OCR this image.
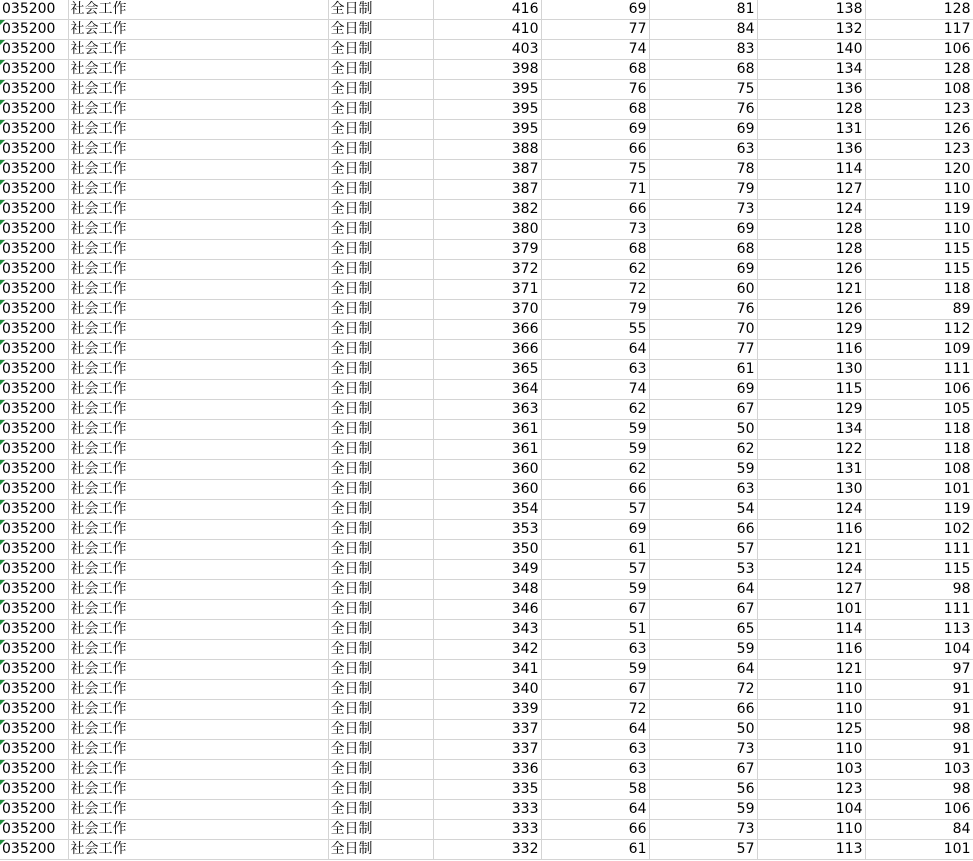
035200	社会工作	全日制	416	69	81	138	128

035200	社会工作	全日制	410	77	84	132	117

035200	社会工作	全日制	403	74	83	140	106

035200	社会工作	全日制	398	68	68	134	128

035200	社会工作	全日制	395	76	75	136	108

035200	社会工作	全日制	395	68	76	128	123

035200	社会工作	全日制	395	69	69	131	126

035200	社会工作	全日制	388	66	63	136	123

035200	社会工作	全日制	387	75	78	114	120

035200	社会工作	全日制	387	71	79	127	110

035200	社会工作	全日制	382	66	73	124	119

035200	社会工作	全日制	380	73	69	128	110

035200	社会工作	全日制	379	68	68	128	115

035200	社会工作	全日制	372	62	69	126	115

035200	社会工作	全日制	371	72	60	121	118

035200	社会工作	全日制	370	79	76	126	89

035200	社会工作	全日制	366	55	70	129	112

035200	社会工作	全日制	366	64	77	116	109

035200	社会工作	全日制	365	63	61	130	111

035200	社会工作	全日制	364	74	69	115	106

035200	社会工作	全日制	363	62	67	129	105

035200	社会工作	全日制	361	59	50	134	118

035200	社会工作	全日制	361	59	62	122	118

035200	社会工作	全日制	360	62	59	131	108

035200	社会工作	全日制	360	66	63	130	101

035200	社会工作	全日制	354	57	54	124	119

035200	社会工作	全日制	353	69	66	116	102

035200	社会工作	全日制	350	61	57	121	111

035200	社会工作	全日制	349	57	53	124	115

035200	社会工作	全日制	348	59	64	127	98

035200	社会工作	全日制	346	67	67	101	111

035200	社会工作	全日制	343	51	65	114	113

035200	社会工作	全日制	342	63	59	116	104

035200	社会工作	全日制	341	59	64	121	97

035200	社会工作	全日制	340	67	72	110	91

035200	社会工作	全日制	339	72	66	110	91

035200	社会工作	全日制	337	64	50	125	98

035200	社会工作	全日制	337	63	73	110	91

035200	社会工作	全日制	336	63	67	103	103

035200	社会工作	全日制	335	58	56	123	98

035200	社会工作	全日制	333	64	59	104	106

035200	社会工作	全日制	333	66	73	110	84

035200	社会工作	全日制	332	61	57	113	101
